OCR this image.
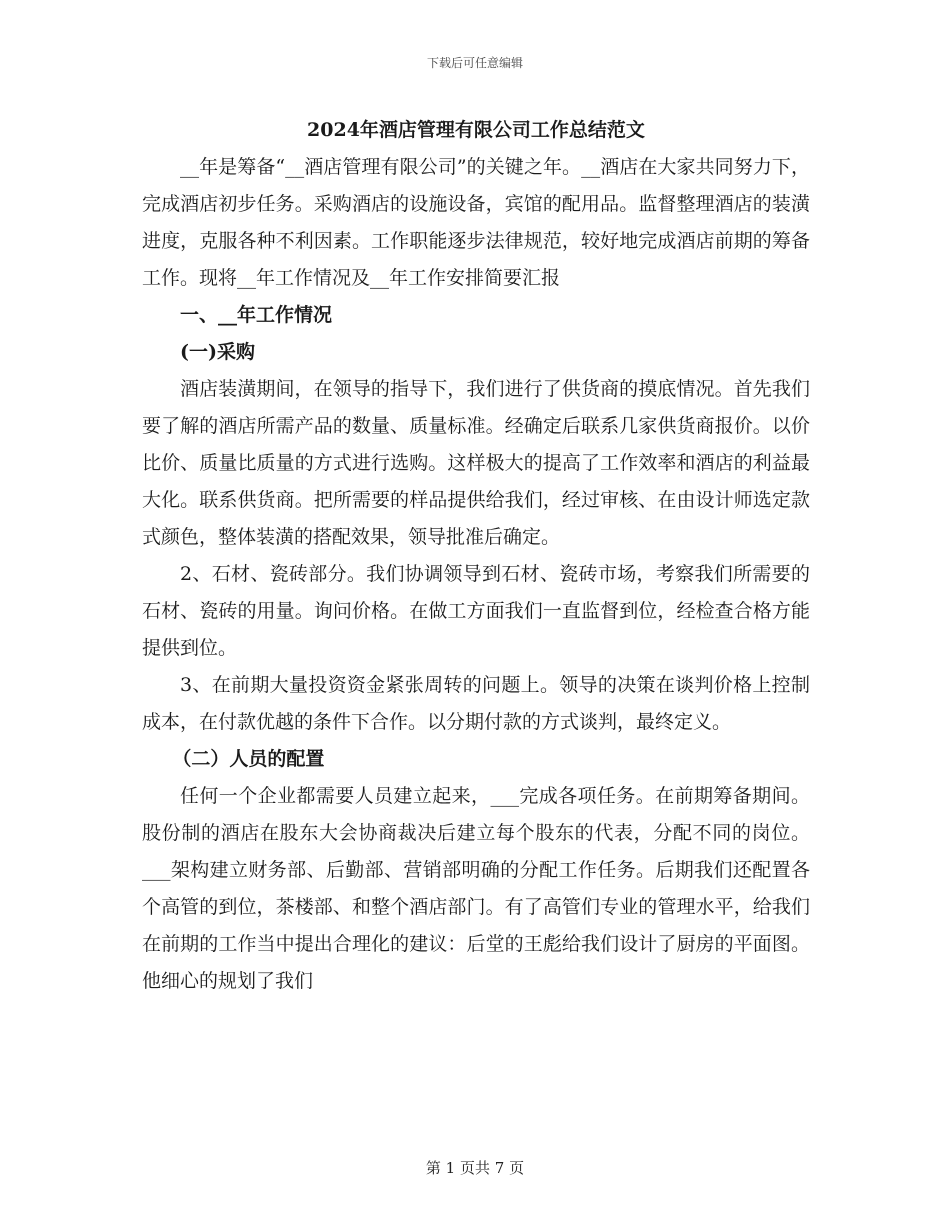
下载后可任意编辑

2024年酒店管理有限公司工作总结范文

__年是筹备“__酒店管理有限公司”的关键之年。__酒店在大家共同努力下，完成酒店初步任务。采购酒店的设施设备，宾馆的配用品。监督整理酒店的装潢进度，克服各种不利因素。工作职能逐步法律规范，较好地完成酒店前期的筹备工作。现将__年工作情况及__年工作安排简要汇报

一、__年工作情况

(一)采购

酒店装潢期间，在领导的指导下，我们进行了供货商的摸底情况。首先我们要了解的酒店所需产品的数量、质量标准。经确定后联系几家供货商报价。以价比价、质量比质量的方式进行选购。这样极大的提高了工作效率和酒店的利益最大化。联系供货商。把所需要的样品提供给我们，经过审核、在由设计师选定款式颜色，整体装潢的搭配效果，领导批准后确定。

2、石材、瓷砖部分。我们协调领导到石材、瓷砖市场，考察我们所需要的石材、瓷砖的用量。询问价格。在做工方面我们一直监督到位，经检查合格方能提供到位。

3、在前期大量投资资金紧张周转的问题上。领导的决策在谈判价格上控制成本，在付款优越的条件下合作。以分期付款的方式谈判，最终定义。

（二）人员的配置

任何一个企业都需要人员建立起来，___完成各项任务。在前期筹备期间。股份制的酒店在股东大会协商裁决后建立每个股东的代表，分配不同的岗位。___架构建立财务部、后勤部、营销部明确的分配工作任务。后期我们还配置各个高管的到位，茶楼部、和整个酒店部门。有了高管们专业的管理水平，给我们在前期的工作当中提出合理化的建议：后堂的王彪给我们设计了厨房的平面图。他细心的规划了我们

第 1 页共 7 页
